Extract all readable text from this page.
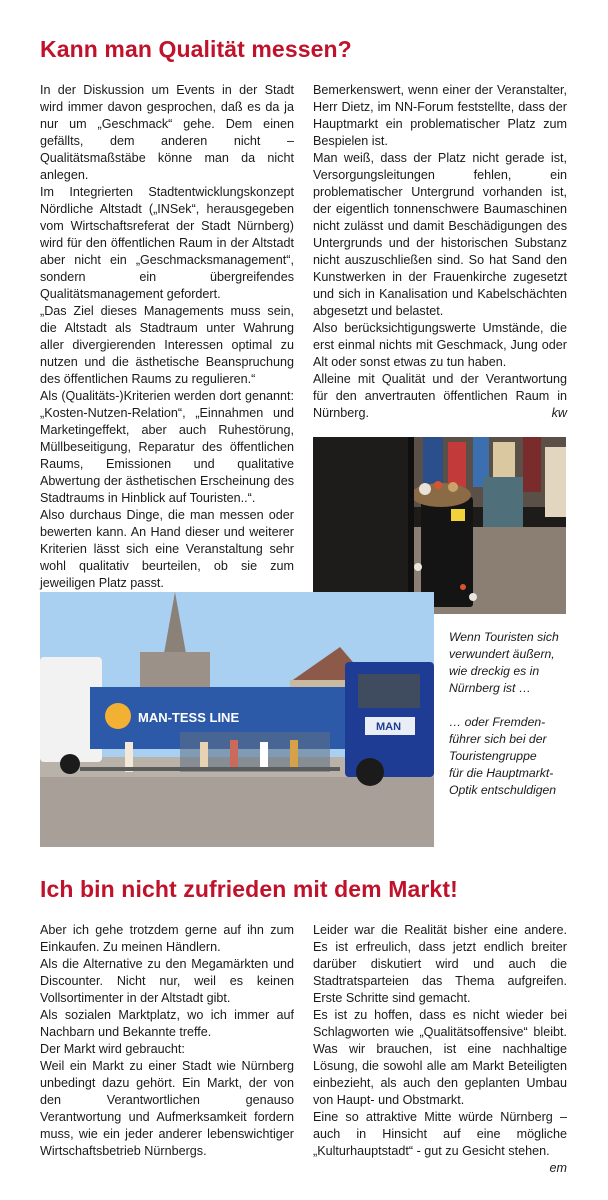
Kann man Qualität messen?

In der Diskussion um Events in der Stadt wird immer davon gesprochen, daß es da ja nur um „Geschmack“ gehe. Dem einen gefällts, dem anderen nicht – Qualitätsmaßstäbe könne man da nicht anlegen.

Im Integrierten Stadtentwicklungskonzept Nördliche Altstadt („INSek“, herausgegeben vom Wirtschaftsreferat der Stadt Nürnberg) wird für den öffentlichen Raum in der Altstadt aber nicht ein „Geschmacksmanagement“, sondern ein übergreifendes Qualitätsmanagement gefordert.

„Das Ziel dieses Managements muss sein, die Altstadt als Stadtraum unter Wahrung aller divergierenden Interessen optimal zu nutzen und die ästhetische Beanspruchung des öffentlichen Raums zu regulieren.“

Als (Qualitäts-)Kriterien werden dort genannt: „Kosten-Nutzen-Relation“, „Einnahmen und Marketingeffekt, aber auch Ruhestörung, Müllbeseitigung, Reparatur des öffentlichen Raums, Emissionen und qualitative Abwertung der ästhetischen Erscheinung des Stadtraums in Hinblick auf Touristen..“.

Also durchaus Dinge, die man messen oder bewerten kann. An Hand dieser und weiterer Kriterien lässt sich eine Veranstaltung sehr wohl qualitativ beurteilen, ob sie zum jeweiligen Platz passt.

Bemerkenswert, wenn einer der Veranstalter, Herr Dietz, im NN-Forum feststellte, dass der Hauptmarkt ein problematischer Platz zum Bespielen ist.

Man weiß, dass der Platz nicht gerade ist, Versorgungsleitungen fehlen, ein problematischer Untergrund vorhanden ist, der eigentlich tonnenschwere Baumaschinen nicht zulässt und damit Beschädigungen des Untergrunds und der historischen Substanz nicht auszuschließen sind. So hat Sand den Kunstwerken in der Frauenkirche zugesetzt und sich in Kanalisation und Kabelschächten abgesetzt und belastet.

Also berücksichtigungswerte Umstände, die erst einmal nichts mit Geschmack, Jung oder Alt oder sonst etwas zu tun haben.

Alleine mit Qualität und der Verantwortung für den anvertrauten öffentlichen Raum in Nürnberg.	kw

MAN-TESS LINE
MAN
Wenn Touristen sich
verwundert äußern,
wie dreckig es in
Nürnberg ist …
… oder Fremden-
führer sich bei der
Touristengruppe
für die Hauptmarkt-
Optik entschuldigen
Ich bin nicht zufrieden mit dem Markt!

Aber ich gehe trotzdem gerne auf ihn zum Einkaufen. Zu meinen Händlern.

Als die Alternative zu den Megamärkten und Discounter. Nicht nur, weil es keinen Vollsortimenter in der Altstadt gibt.

Als sozialen Marktplatz, wo ich immer auf Nachbarn und Bekannte treffe.

Der Markt wird gebraucht:

Weil ein Markt zu einer Stadt wie Nürnberg unbedingt dazu gehört. Ein Markt, der von den Verantwortlichen genauso Verantwortung und Aufmerksamkeit fordern muss, wie ein jeder anderer lebenswichtiger Wirtschaftsbetrieb Nürnbergs.

Leider war die Realität bisher eine andere. Es ist erfreulich, dass jetzt endlich breiter darüber diskutiert wird und auch die Stadtratsparteien das Thema aufgreifen. Erste Schritte sind gemacht.

Es ist zu hoffen, dass es nicht wieder bei Schlagworten wie „Qualitätsoffensive“ bleibt. Was wir brauchen, ist eine nachhaltige Lösung, die sowohl alle am Markt Beteiligten einbezieht, als auch den geplanten Umbau von Haupt- und Obstmarkt.

Eine so attraktive Mitte würde Nürnberg – auch in Hinsicht auf eine mögliche „Kulturhauptstadt“ - gut zu Gesicht stehen.
em
